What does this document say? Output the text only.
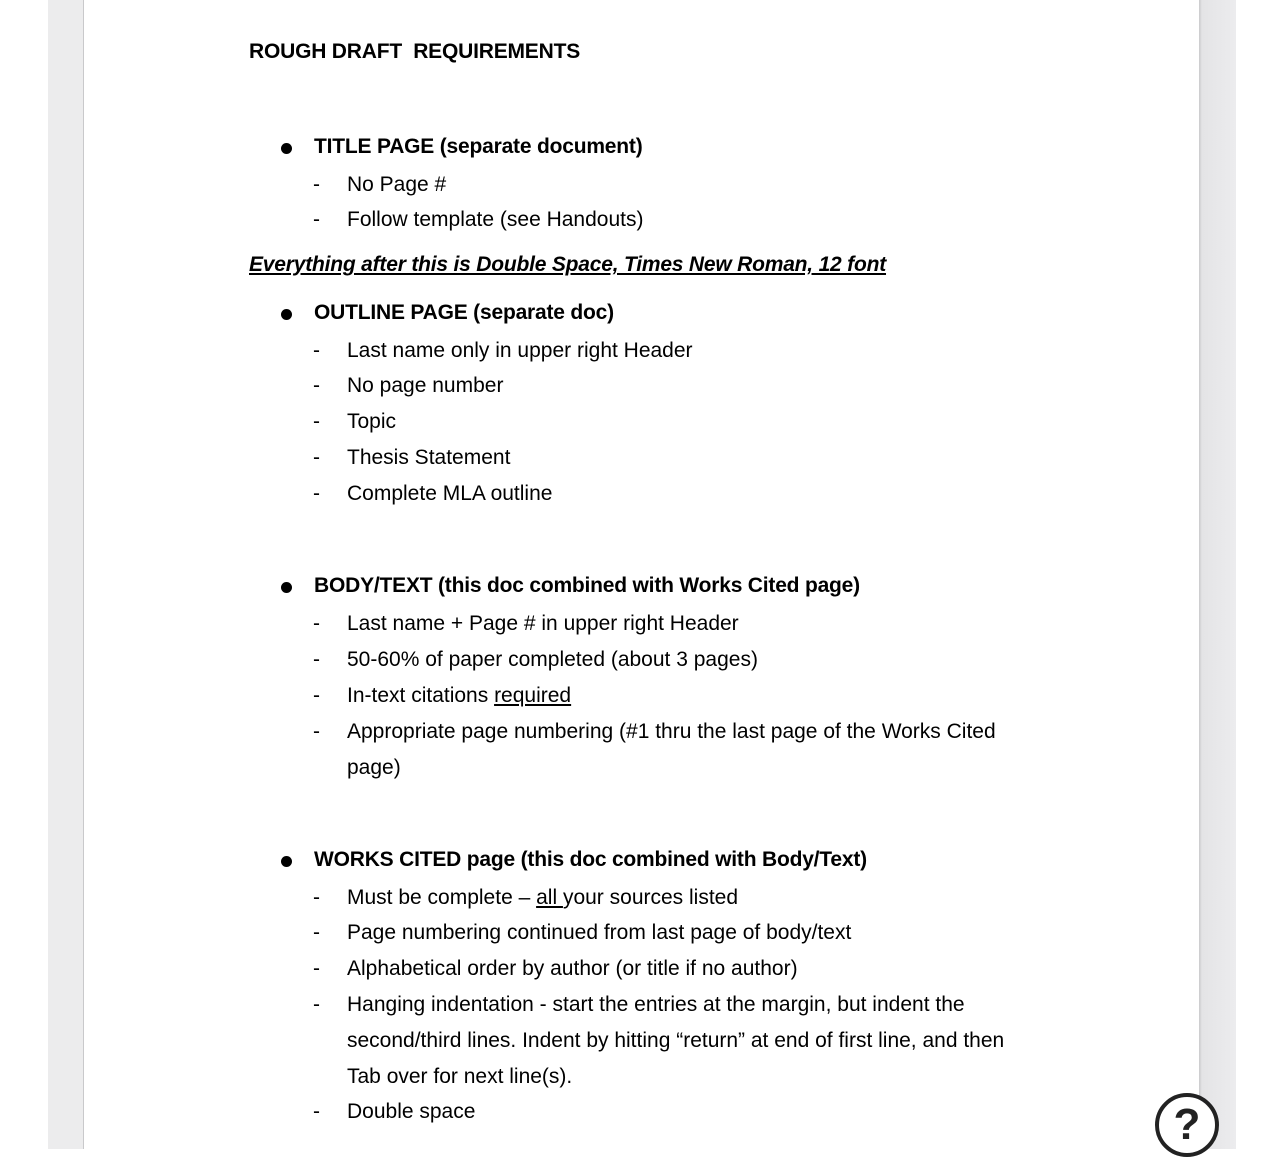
ROUGH DRAFT  REQUIREMENTS
TITLE PAGE (separate document)
-	No Page #
-	Follow template (see Handouts)
Everything after this is Double Space, Times New Roman, 12 font
OUTLINE PAGE (separate doc)
-	Last name only in upper right Header
-	No page number
-	Topic
-	Thesis Statement
-	Complete MLA outline
BODY/TEXT (this doc combined with Works Cited page)
-	Last name + Page # in upper right Header
-	50-60% of paper completed (about 3 pages)
-	In-text citations required
-	Appropriate page numbering (#1 thru the last page of the Works Cited page)
WORKS CITED page (this doc combined with Body/Text)
-	Must be complete – all your sources listed
-	Page numbering continued from last page of body/text
-	Alphabetical order by author (or title if no author)
-	Hanging indentation - start the entries at the margin, but indent the second/third lines. Indent by hitting “return” at end of first line, and then Tab over for next line(s).
-	Double space	?
